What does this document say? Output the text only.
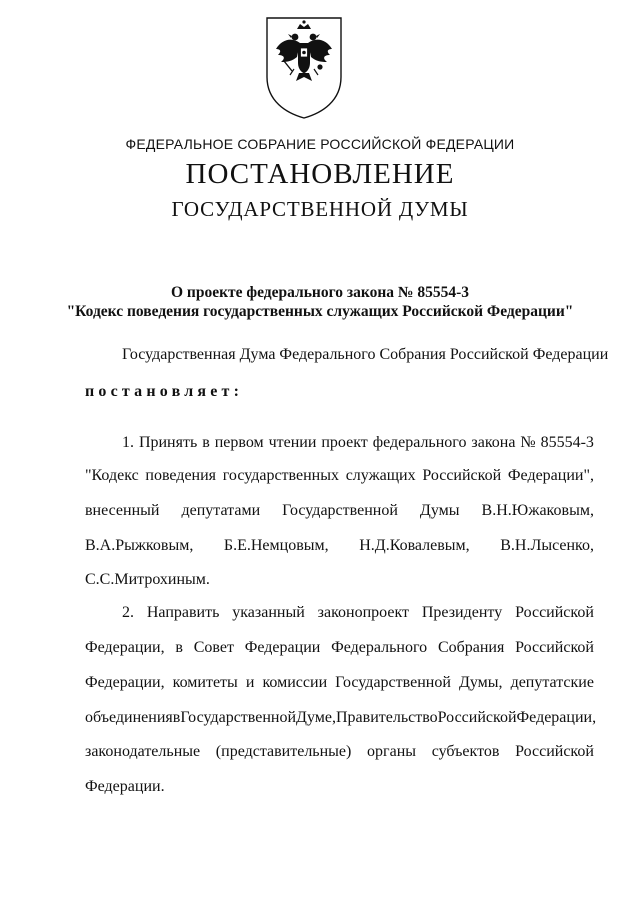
ФЕДЕРАЛЬНОЕ СОБРАНИЕ РОССИЙСКОЙ ФЕДЕРАЦИИ
ПОСТАНОВЛЕНИЕ
ГОСУДАРСТВЕННОЙ ДУМЫ
О проекте федерального закона № 85554-3
"Кодекс поведения государственных служащих Российской Федерации"
Государственная Дума Федерального Собрания Российской Федерации
постановляет:
1. Принять в первом чтении проект федерального закона № 85554-3
"Кодекс поведения государственных служащих Российской Федерации",
внесенный депутатами Государственной Думы В.Н.Южаковым,
В.А.Рыжковым, Б.Е.Немцовым, Н.Д.Ковалевым, В.Н.Лысенко,
С.С.Митрохиным.
2. Направить указанный законопроект Президенту Российской
Федерации, в Совет Федерации Федерального Собрания Российской
Федерации, комитеты и комиссии Государственной Думы, депутатские
объединения в Государственной Думе, Правительство Российской Федерации,
законодательные (представительные) органы субъектов Российской
Федерации.
